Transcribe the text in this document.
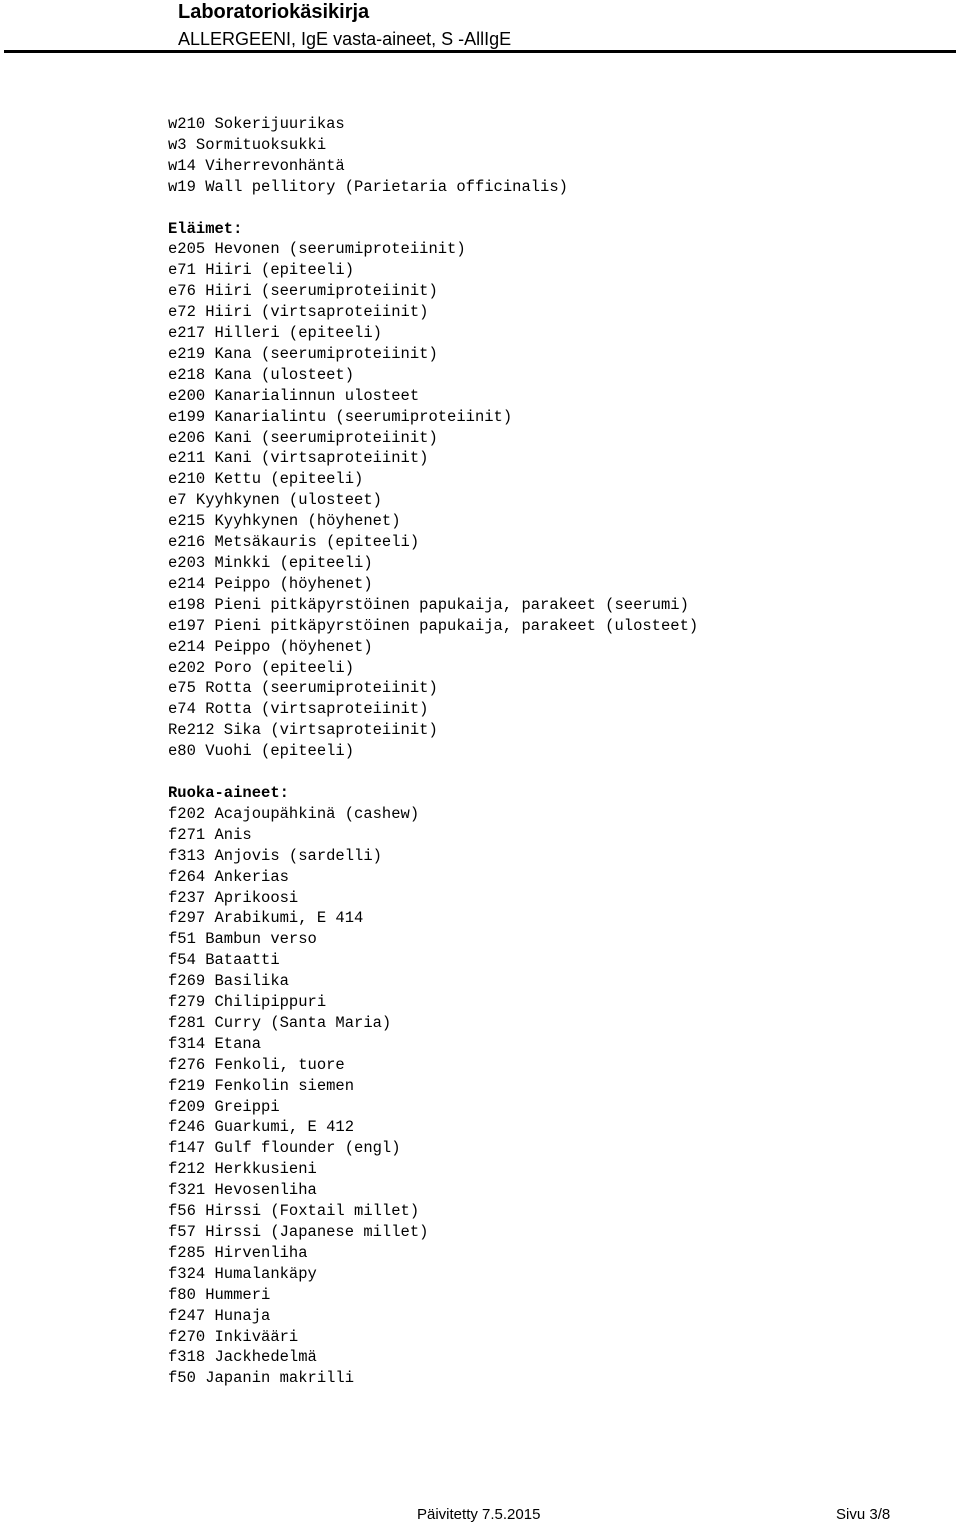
Laboratoriokäsikirja
ALLERGEENI, IgE vasta-aineet, S -AllIgE
w210 Sokerijuurikas
w3 Sormituoksukki
w14 Viherrevonhäntä
w19 Wall pellitory (Parietaria officinalis)
Eläimet:
e205 Hevonen (seerumiproteiinit)
e71 Hiiri (epiteeli)
e76 Hiiri (seerumiproteiinit)
e72 Hiiri (virtsaproteiinit)
e217 Hilleri (epiteeli)
e219 Kana (seerumiproteiinit)
e218 Kana (ulosteet)
e200 Kanarialinnun ulosteet
e199 Kanarialintu (seerumiproteiinit)
e206 Kani (seerumiproteiinit)
e211 Kani (virtsaproteiinit)
e210 Kettu (epiteeli)
e7 Kyyhkynen (ulosteet)
e215 Kyyhkynen (höyhenet)
e216 Metsäkauris (epiteeli)
e203 Minkki (epiteeli)
e214 Peippo (höyhenet)
e198 Pieni pitkäpyrstöinen papukaija, parakeet (seerumi)
e197 Pieni pitkäpyrstöinen papukaija, parakeet (ulosteet)
e214 Peippo (höyhenet)
e202 Poro (epiteeli)
e75 Rotta (seerumiproteiinit)
e74 Rotta (virtsaproteiinit)
Re212 Sika (virtsaproteiinit)
e80 Vuohi (epiteeli)
Ruoka-aineet:
f202 Acajoupähkinä (cashew)
f271 Anis
f313 Anjovis (sardelli)
f264 Ankerias
f237 Aprikoosi
f297 Arabikumi, E 414
f51 Bambun verso
f54 Bataatti
f269 Basilika
f279 Chilipippuri
f281 Curry (Santa Maria)
f314 Etana
f276 Fenkoli, tuore
f219 Fenkolin siemen
f209 Greippi
f246 Guarkumi, E 412
f147 Gulf flounder (engl)
f212 Herkkusieni
f321 Hevosenliha
f56 Hirssi (Foxtail millet)
f57 Hirssi (Japanese millet)
f285 Hirvenliha
f324 Humalankäpy
f80 Hummeri
f247 Hunaja
f270 Inkivääri
f318 Jackhedelmä
f50 Japanin makrilli
Päivitetty 7.5.2015	Sivu 3/8
